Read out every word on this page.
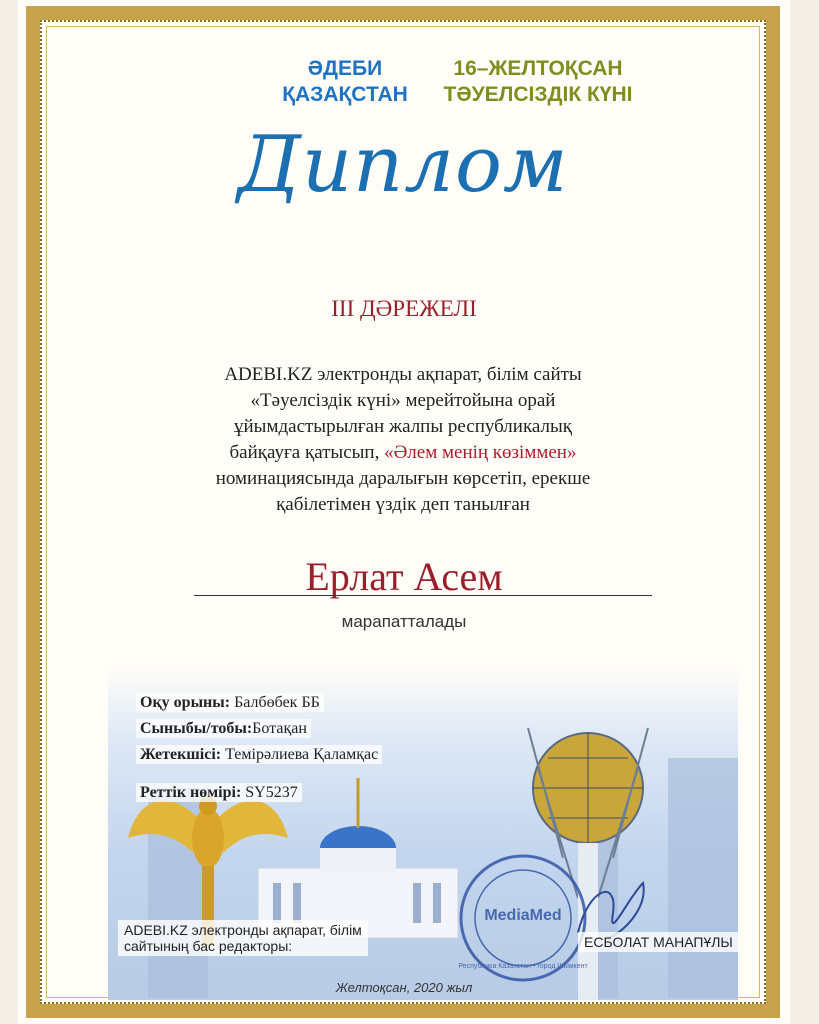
ӘДЕБИ
ҚАЗАҚСТАН
16–ЖЕЛТОҚСАН
ТӘУЕЛСІЗДІК КҮНІ
Диплом
ІІІ ДӘРЕЖЕЛІ
ADEBI.KZ электронды ақпарат, білім сайты
«Тәуелсіздік күні» мерейтойына орай
ұйымдастырылған жалпы республикалық
байқауға қатысып, «Әлем менің көзіммен»
номинациясында даралығын көрсетіп, ерекше
қабілетімен үздік деп танылған
Ерлат Асем
марапатталады
MediaMed
Республика Казахстан • город Шымкент
Оқу орыны: Балбөбек ББ
Сыныбы/тобы:Ботақан
Жетекшісі: Темірәлиева Қаламқас
Реттік нөмірі: SY5237
ADEBI.KZ электронды ақпарат, білім
сайтының бас редакторы:	ЕСБОЛАТ МАНАПҰЛЫ
Желтоқсан, 2020 жыл
